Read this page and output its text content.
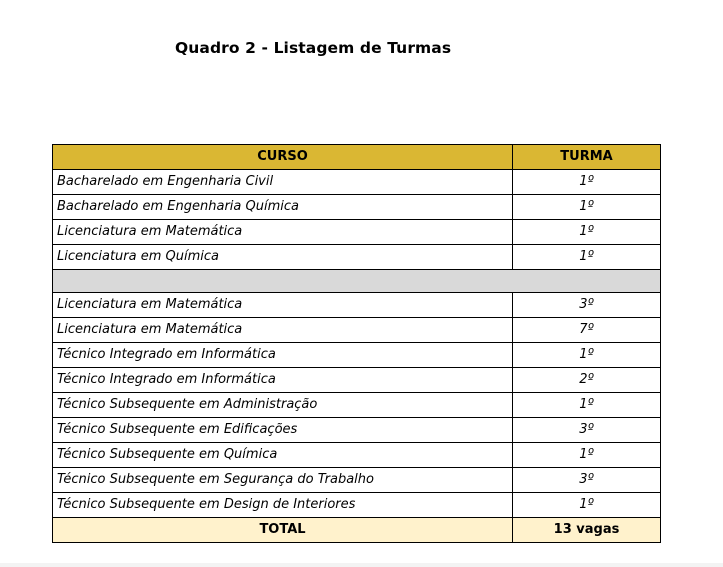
Quadro 2 - Listagem de Turmas
CURSO	TURMA
Bacharelado em Engenharia Civil	1º
Bacharelado em Engenharia Química	1º
Licenciatura em Matemática	1º
Licenciatura em Química	1º

Licenciatura em Matemática	3º
Licenciatura em Matemática	7º
Técnico Integrado em Informática	1º
Técnico Integrado em Informática	2º
Técnico Subsequente em Administração	1º
Técnico Subsequente em Edificações	3º
Técnico Subsequente em Química	1º
Técnico Subsequente em Segurança do Trabalho	3º
Técnico Subsequente em Design de Interiores	1º
TOTAL	13 vagas
